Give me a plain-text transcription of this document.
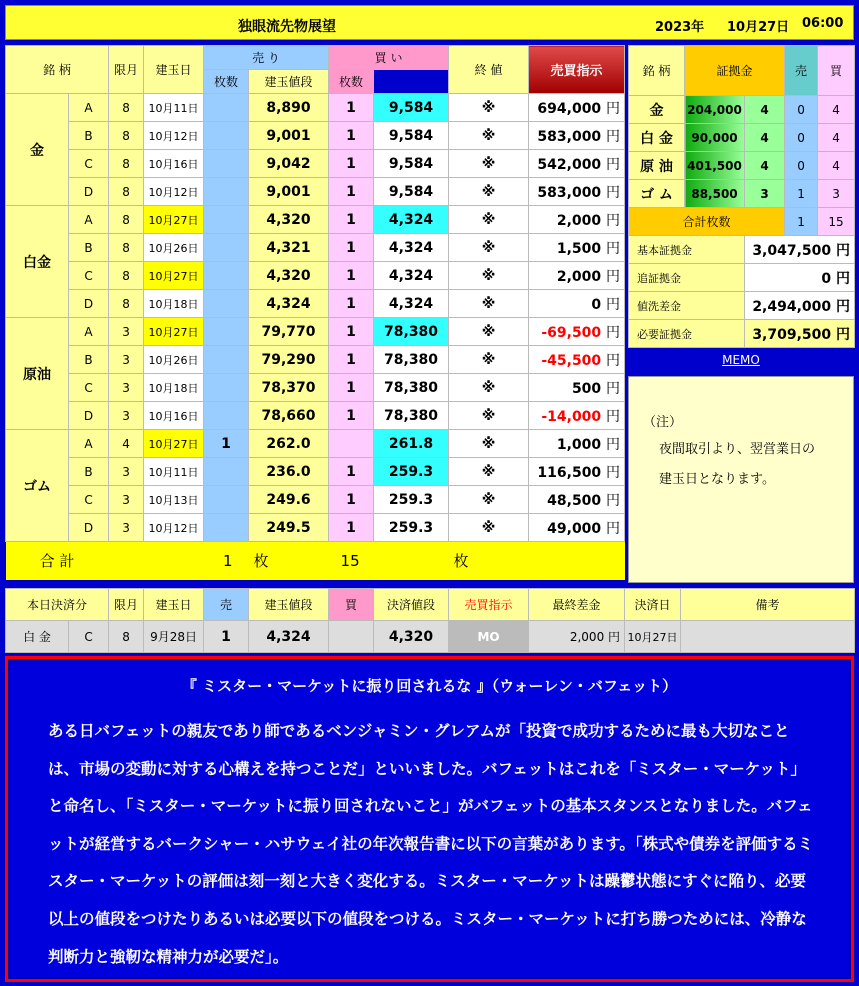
独眼流先物展望	2023年 10月27日 06:00
銘 柄		限月	建玉日	売 り		買 い		終 値	売買指示	
				枚数	建玉値段	枚数				
金	A	8	10月11日		8,890	1	9,584	※	694,000 円	
	B	8	10月12日		9,001	1	9,584	※	583,000 円	
	C	8	10月16日		9,042	1	9,584	※	542,000 円	
	D	8	10月12日		9,001	1	9,584	※	583,000 円	
白金	A	8	10月27日		4,320	1	4,324	※	2,000 円	
	B	8	10月26日		4,321	1	4,324	※	1,500 円	
	C	8	10月27日		4,320	1	4,324	※	2,000 円	
	D	8	10月18日		4,324	1	4,324	※	0 円	
原油	A	3	10月27日		79,770	1	78,380	※	-69,500 円	
	B	3	10月26日		79,290	1	78,380	※	-45,500 円	
	C	3	10月18日		78,370	1	78,380	※	500 円	
	D	3	10月16日		78,660	1	78,380	※	-14,000 円	
ゴム	A	4	10月27日	1	262.0		261.8	※	1,000 円	
	B	3	10月11日		236.0	1	259.3	※	116,500 円	
	C	3	10月13日		249.6	1	259.3	※	48,500 円	
	D	3	10月12日		249.5	1	259.3	※	49,000 円	
合 計		1			枚	15		枚

銘 柄	証拠金		売	買
金	204,000	4	0	4
白 金	90,000	4	0	4
原 油	401,500	4	0	4
ゴ ム	88,500	3	1	3
合計枚数			1	15
基本証拠金		3,047,500 円		
追証拠金		0 円		
値洗差金		2,494,000 円		
必要証拠金		3,709,500 円		
MEMO
（注）
夜間取引より、翌営業日の
建玉日となります。
本日決済分		限月	建玉日	売	建玉値段	買	決済値段	売買指示	最終差金	決済日	備考
白 金	C	8	9月28日	1	4,324		4,320	MO	2,000 円	10月27日	
『 ミスター・マーケットに振り回されるな 』（ウォーレン・バフェット）
ある日バフェットの親友であり師であるベンジャミン・グレアムが「投資で成功するために最も大切なことは、市場の変動に対する心構えを持つことだ」といいました。バフェットはこれを「ミスター・マーケット」と命名し、「ミスター・マーケットに振り回されないこと」がバフェットの基本スタンスとなりました。バフェットが経営するバークシャー・ハサウェイ社の年次報告書に以下の言葉があります。「株式や債券を評価するミスター・マーケットの評価は刻一刻と大きく変化する。ミスター・マーケットは躁鬱状態にすぐに陥り、必要以上の値段をつけたりあるいは必要以下の値段をつける。ミスター・マーケットに打ち勝つためには、冷静な判断力と強靭な精神力が必要だ」。
